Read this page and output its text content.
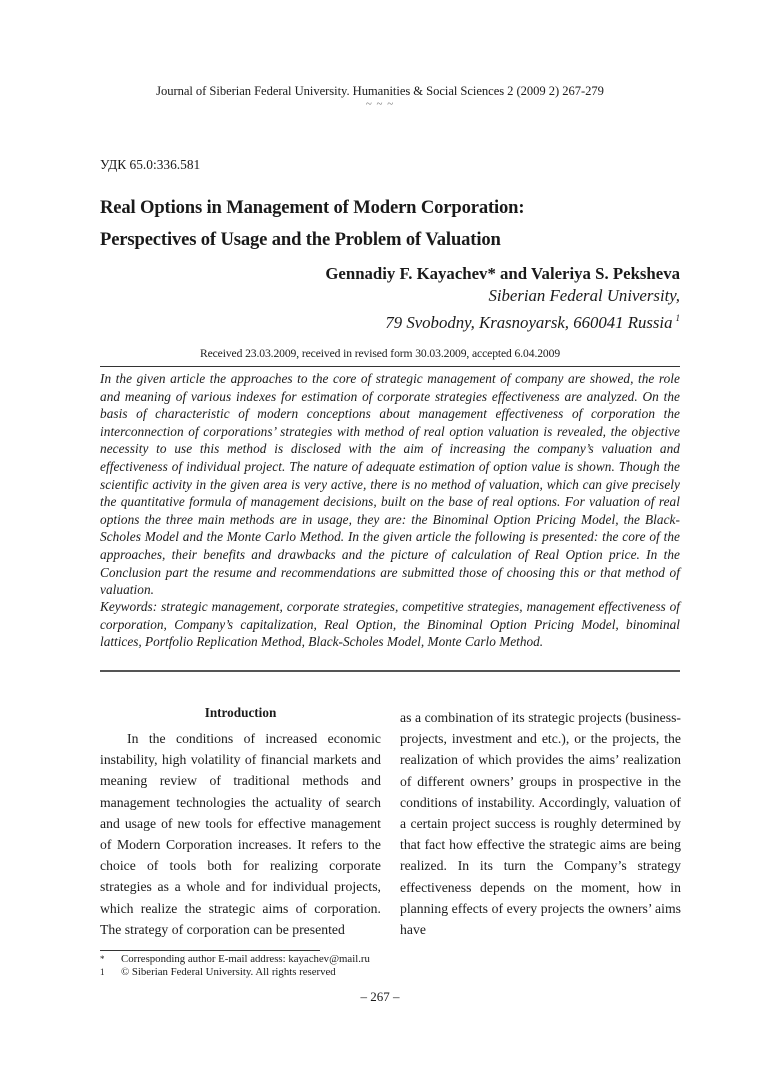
Journal of Siberian Federal University. Humanities & Social Sciences 2 (2009 2) 267-279
~ ~ ~
УДК 65.0:336.581
Real Options in Management of Modern Corporation:
Perspectives of Usage and the Problem of Valuation
Gennadiy F. Kayachev* and Valeriya S. Peksheva
Siberian Federal University,
79 Svobodny, Krasnoyarsk, 660041 Russia $^1$
Received 23.03.2009, received in revised form 30.03.2009, accepted 6.04.2009
In the given article the approaches to the core of strategic management of company are showed, the role and meaning of various indexes for estimation of corporate strategies effectiveness are analyzed. On the basis of characteristic of modern conceptions about management effectiveness of corporation the interconnection of corporations’ strategies with method of real option valuation is revealed, the objective necessity to use this method is disclosed with the aim of increasing the company’s valuation and effectiveness of individual project. The nature of adequate estimation of option value is shown. Though the scientific activity in the given area is very active, there is no method of valuation, which can give precisely the quantitative formula of management decisions, built on the base of real options. For valuation of real options the three main methods are in usage, they are: the Binominal Option Pricing Model, the Black-Scholes Model and the Monte Carlo Method. In the given article the following is presented: the core of the approaches, their benefits and drawbacks and the picture of calculation of Real Option price. In the Conclusion part the resume and recommendations are submitted those of choosing this or that method of valuation.
Keywords: strategic management, corporate strategies, competitive strategies, management effectiveness of corporation, Company’s capitalization, Real Option, the Binominal Option Pricing Model, binominal lattices, Portfolio Replication Method, Black-Scholes Model, Monte Carlo Method.
Introduction

In the conditions of increased economic instability, high volatility of financial markets and meaning review of traditional methods and management technologies the actuality of search and usage of new tools for effective management of Modern Corporation increases. It refers to the choice of tools both for realizing corporate strategies as a whole and for individual projects, which realize the strategic aims of corporation. The strategy of corporation can be presented

as a combination of its strategic projects (business-projects, investment and etc.), or the projects, the realization of which provides the aims’ realization of different owners’ groups in prospective in the conditions of instability. Accordingly, valuation of a certain project success is roughly determined by that fact how effective the strategic aims are being realized. In its turn the Company’s strategy effectiveness depends on the moment, how in planning effects of every projects the owners’ aims have

*	Corresponding author E-mail address: kayachev@mail.ru
1	© Siberian Federal University. All rights reserved
– 267 –
